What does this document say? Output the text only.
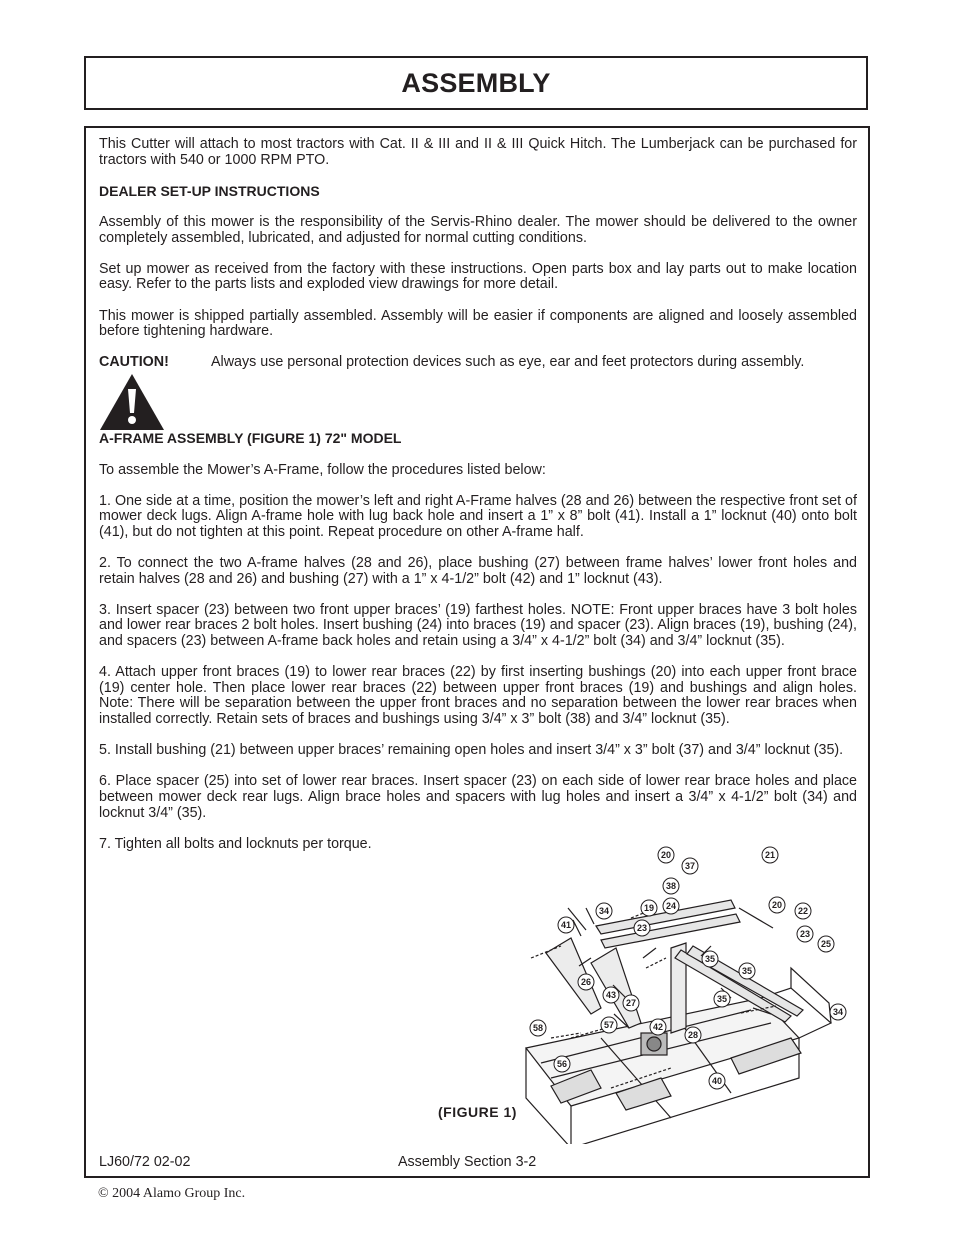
ASSEMBLY

This Cutter will attach to most tractors with Cat. II & III and II & III Quick Hitch. The Lumberjack can be purchased for tractors with 540 or 1000 RPM PTO.

DEALER SET-UP INSTRUCTIONS

Assembly of this mower is the responsibility of the Servis-Rhino dealer. The mower should be delivered to the owner completely assembled, lubricated, and adjusted for normal cutting conditions.

Set up mower as received from the factory with these instructions. Open parts box and lay parts out to make location easy. Refer to the parts lists and exploded view drawings for more detail.

This mower is shipped partially assembled. Assembly will be easier if components are aligned and loosely assembled before tightening hardware.

CAUTION!	Always use personal protection devices such as eye, ear and feet protectors during assembly.

A-FRAME ASSEMBLY (FIGURE 1) 72" MODEL

To assemble the Mower’s A-Frame, follow the procedures listed below:

1. One side at a time, position the mower’s left and right A-Frame halves (28 and 26) between the respective front set of mower deck lugs. Align A-frame hole with lug back hole and insert a 1” x 8” bolt (41). Install a 1” locknut (40) onto bolt (41), but do not tighten at this point. Repeat procedure on other A-frame half.

2. To connect the two A-frame halves (28 and 26), place bushing (27) between frame halves’ lower front holes and retain halves (28 and 26) and bushing (27) with a 1” x 4-1/2” bolt (42) and 1” locknut (43).

3. Insert spacer (23) between two front upper braces’ (19) farthest holes. NOTE: Front upper braces have 3 bolt holes and lower rear braces 2 bolt holes. Insert bushing (24) into braces (19) and spacer (23). Align braces (19), bushing (24), and spacers (23) between A-frame back holes and retain using a 3/4” x 4-1/2” bolt (34) and 3/4” locknut (35).

4. Attach upper front braces (19) to lower rear braces (22) by first inserting bushings (20) into each upper front brace (19) center hole. Then place lower rear braces (22) between upper front braces (19) and bushings and align holes. Note: There will be separation between the upper front braces and no separation between the lower rear braces when installed correctly. Retain sets of braces and bushings using 3/4” x 3” bolt (38) and 3/4” locknut (35).

5. Install bushing (21) between upper braces’ remaining open holes and insert 3/4” x 3” bolt (37) and 3/4” locknut (35).

6. Place spacer (25) into set of lower rear braces. Insert spacer (23) on each side of lower rear brace holes and place between mower deck rear lugs. Align brace holes and spacers with lug holes and insert a 3/4” x 4-1/2” bolt (34) and locknut 3/4” (35).

7. Tighten all bolts and locknuts per torque.

20
37
21
38
34	19 24	20
22
41	23
23
25
35
35
26
43
27	35
34
58	57	42
28
56
40
(FIGURE 1)
LJ60/72 02-02	Assembly Section 3-2
© 2004 Alamo Group Inc.
